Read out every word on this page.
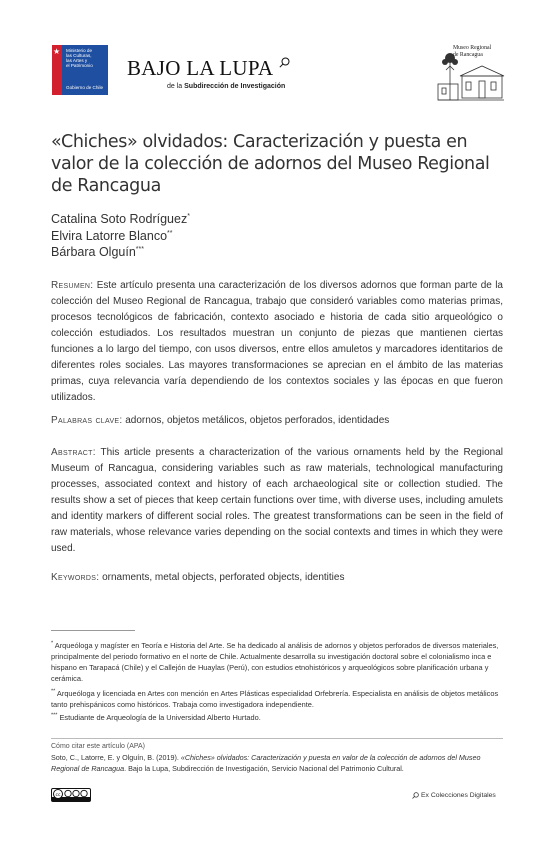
★ Ministerio de
las Culturas,
las Artes y
el Patrimonio
Gobierno de Chile
BAJO LA LUPA
de la Subdirección de Investigación
Museo Regional
de Rancagua
«Chiches» olvidados: Caracterización y puesta en valor de la colección de adornos del Museo Regional de Rancagua
Catalina Soto Rodríguez*
Elvira Latorre Blanco**
Bárbara Olguín***

Resumen: Este artículo presenta una caracterización de los diversos adornos que forman parte de la colección del Museo Regional de Rancagua, trabajo que consideró variables como materias primas, procesos tecnológicos de fabricación, contexto asociado e historia de cada sitio arqueológico o colección estudiados. Los resultados muestran un conjunto de piezas que mantienen ciertas funciones a lo largo del tiempo, con usos diversos, entre ellos amuletos y marcadores identitarios de diferentes roles sociales. Las mayores transformaciones se aprecian en el ámbito de las materias primas, cuya relevancia varía dependiendo de los contextos sociales y las épocas en que fueron utilizados.

Palabras clave: adornos, objetos metálicos, objetos perforados, identidades

Abstract: This article presents a characterization of the various ornaments held by the Regional Museum of Rancagua, considering variables such as raw materials, technological manufacturing processes, associated context and history of each archaeological site or collection studied. The results show a set of pieces that keep certain functions over time, with diverse uses, including amulets and identity markers of different social roles. The greatest transformations can be seen in the field of raw materials, whose relevance varies depending on the social contexts and times in which they were used.

Keywords: ornaments, metal objects, perforated objects, identities

* Arqueóloga y magíster en Teoría e Historia del Arte. Se ha dedicado al análisis de adornos y objetos perforados de diversos materiales, principalmente del periodo formativo en el norte de Chile. Actualmente desarrolla su investigación doctoral sobre el colonialismo inca e hispano en Tarapacá (Chile) y el Callejón de Huaylas (Perú), con estudios etnohistóricos y arqueológicos sobre planificación urbana y cerámica.

** Arqueóloga y licenciada en Artes con mención en Artes Plásticas especialidad Orfebrería. Especialista en análisis de objetos metálicos tanto prehispánicos como históricos. Trabaja como investigadora independiente.

*** Estudiante de Arqueología de la Universidad Alberto Hurtado.

Cómo citar este artículo (APA)

Soto, C., Latorre, E. y Olguín, B. (2019). «Chiches» olvidados: Caracterización y puesta en valor de la colección de adornos del Museo Regional de Rancagua. Bajo la Lupa, Subdirección de Investigación, Servicio Nacional del Patrimonio Cultural.

cc	Ex Colecciones Digitales
